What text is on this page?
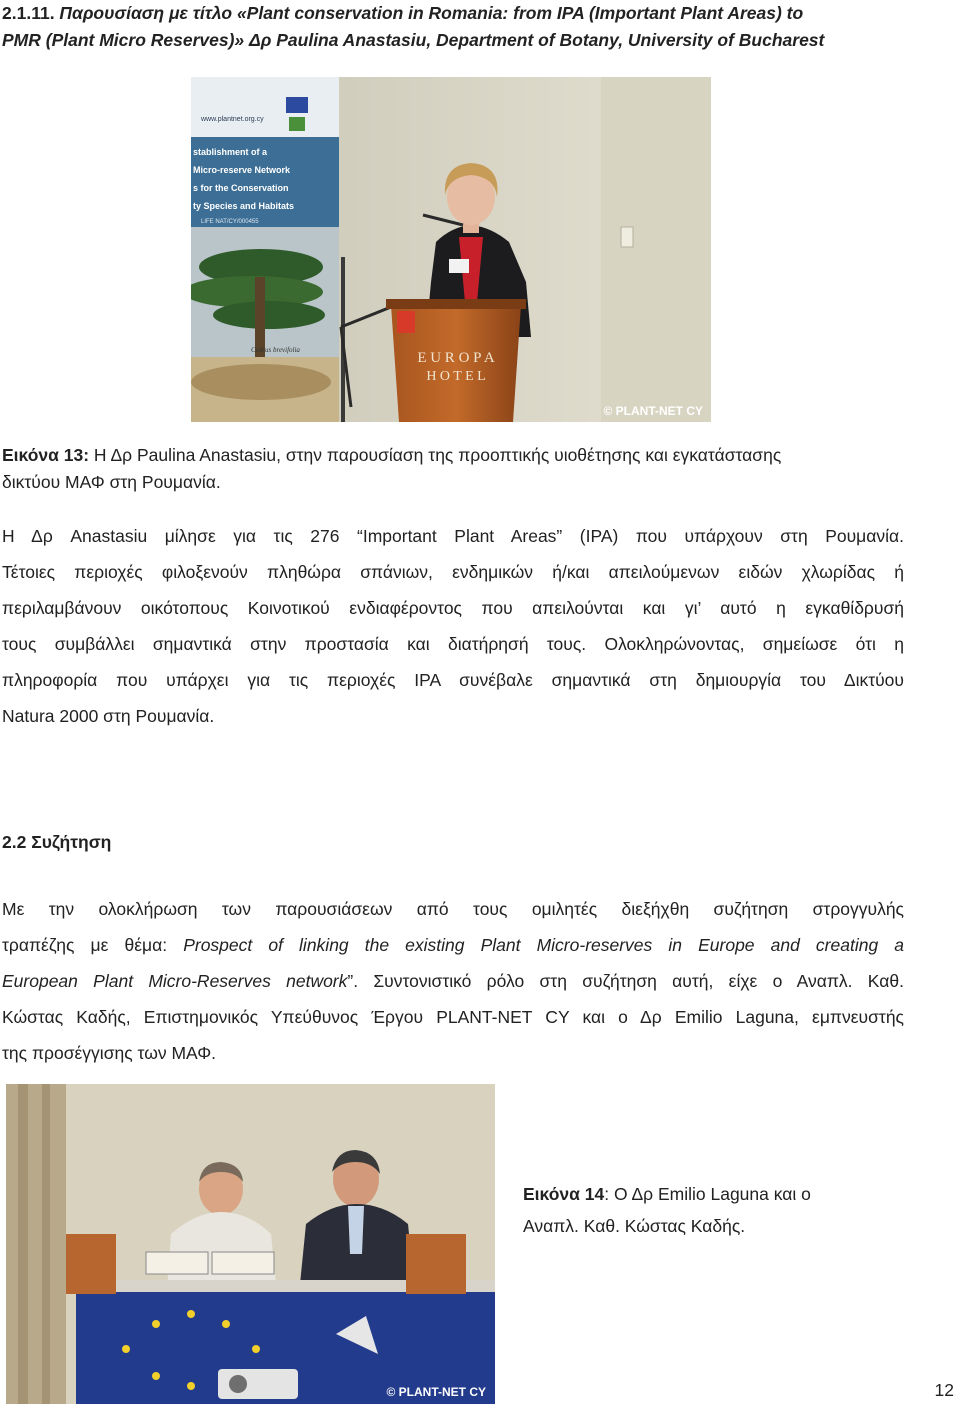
2.1.11. Παρουσίαση με τίτλο «Plant conservation in Romania: from IPA (Important Plant Areas) to
PMR (Plant Micro Reserves)» Δρ Paulina Anastasiu, Department of Botany, University of Bucharest
www.plantnet.org.cy
stablishment of a
Micro-reserve Network
s for the Conservation
ty Species and Habitats
LIFE NAT/CY/000455
Cedrus brevifolia	E U R O P A
H O T E L
© PLANT-NET CY
Εικόνα 13: Η Δρ Paulina Anastasiu, στην παρουσίαση της προοπτικής υιοθέτησης και εγκατάστασης
δικτύου ΜΑΦ στη Ρουμανία.
Η Δρ Anastasiu μίλησε για τις 276 “Important Plant Areas” (IPA) που υπάρχουν στη Ρουμανία.
Τέτοιες περιοχές φιλοξενούν πληθώρα σπάνιων, ενδημικών ή/και απειλούμενων ειδών χλωρίδας ή
περιλαμβάνουν οικότοπους Κοινοτικού ενδιαφέροντος που απειλούνται και γι’ αυτό η εγκαθίδρυσή
τους συμβάλλει σημαντικά στην προστασία και διατήρησή τους. Ολοκληρώνοντας, σημείωσε ότι η
πληροφορία που υπάρχει για τις περιοχές IPA συνέβαλε σημαντικά στη δημιουργία του Δικτύου
Natura 2000 στη Ρουμανία.
2.2 Συζήτηση
Με την ολοκλήρωση των παρουσιάσεων από τους ομιλητές διεξήχθη συζήτηση στρογγυλής
τραπέζης με θέμα: Prospect of linking the existing Plant Micro-reserves in Europe and creating a
European Plant Micro-Reserves network”. Συντονιστικό ρόλο στη συζήτηση αυτή, είχε ο Αναπλ. Καθ.
Κώστας Καδής, Επιστημονικός Υπεύθυνος Έργου PLANT-NET CY και ο Δρ Emilio Laguna, εμπνευστής
της προσέγγισης των ΜΑΦ.
© PLANT-NET CY
Εικόνα 14: Ο Δρ Emilio Laguna και ο
Αναπλ. Καθ. Κώστας Καδής.
12
